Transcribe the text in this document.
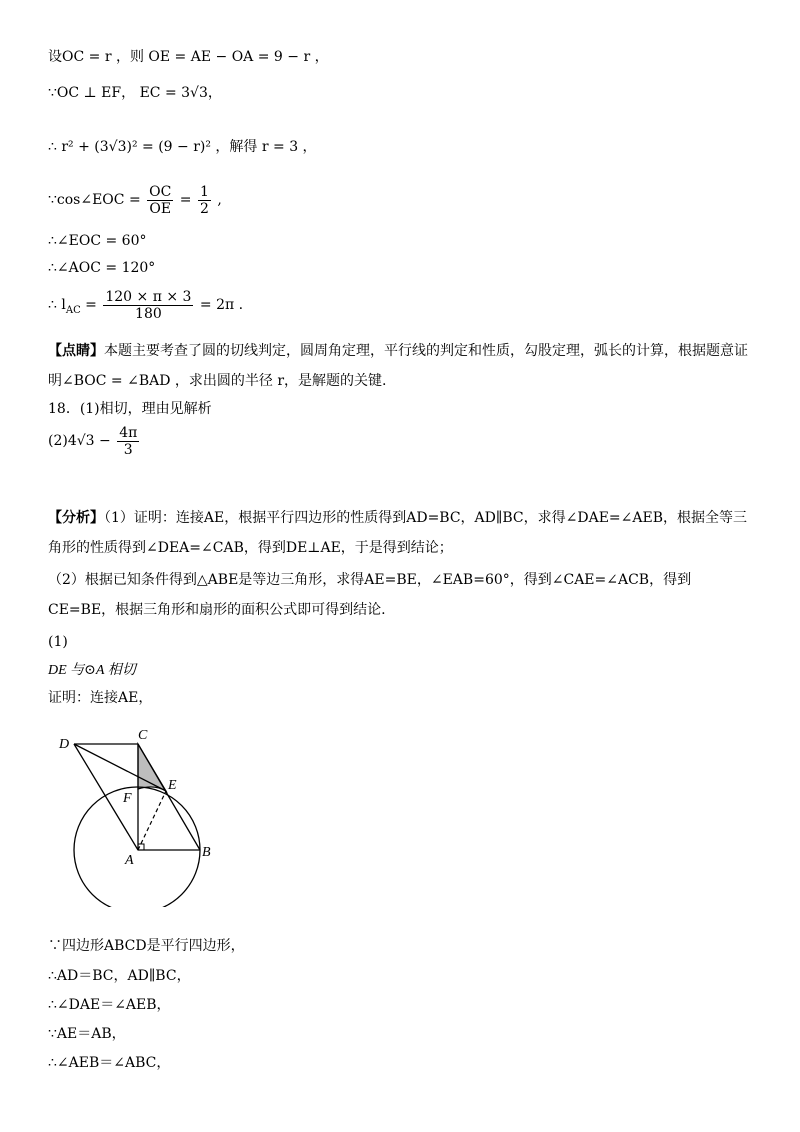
设OC = r ，则 OE = AE − OA = 9 − r ，
∵OC ⊥ EF， EC = 3√3，
∴ r² + (3√3)² = (9 − r)² ，解得 r = 3 ，
∵cos∠EOC = $\frac{OC}{OE} = \frac{1}{2}$ ,
∴∠EOC = 60°
∴∠AOC = 120°
∴ $l_{AC} = \frac{120 \times \pi \times 3}{180} = 2\pi$ .
【点睛】本题主要考查了圆的切线判定，圆周角定理，平行线的判定和性质，勾股定理，弧长的计算，根据题意证明∠BOC = ∠BAD ，求出圆的半径 r，是解题的关键.
18．(1)相切，理由见解析
$(2)4√3 - \frac{4\pi}{3}$
【分析】（1）证明：连接AE，根据平行四边形的性质得到AD=BC，AD∥BC，求得∠DAE=∠AEB，根据全等三角形的性质得到∠DEA=∠CAB，得到DE⊥AE，于是得到结论；
（2）根据已知条件得到△ABE是等边三角形，求得AE=BE，∠EAB=60°，得到∠CAE=∠ACB，得到CE=BE，根据三角形和扇形的面积公式即可得到结论.
(1)
DE 与⊙A 相切
证明：连接AE，
D
C
F
E
A
B
∵四边形ABCD是平行四边形，
∴AD＝BC，AD∥BC，
∴∠DAE＝∠AEB，
∵AE＝AB，
∴∠AEB＝∠ABC，
